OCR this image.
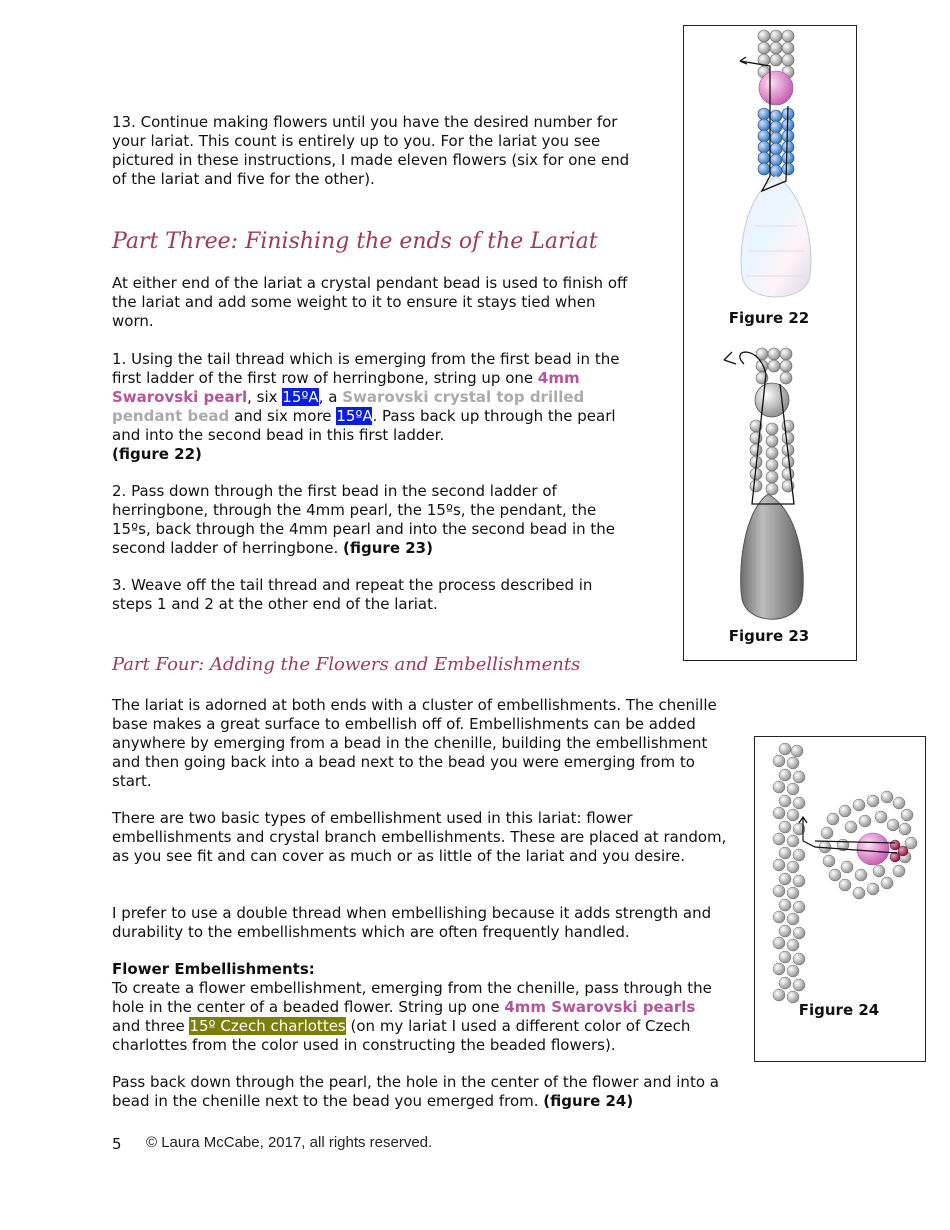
13. Continue making flowers until you have the desired number for your lariat. This count is entirely up to you. For the lariat you see pictured in these instructions, I made eleven flowers (six for one end of the lariat and five for the other).

Part Three: Finishing the ends of the Lariat

At either end of the lariat a crystal pendant bead is used to finish off the lariat and add some weight to it to ensure it stays tied when worn.

1. Using the tail thread which is emerging from the first bead in the first ladder of the first row of herringbone, string up one 4mm Swarovski pearl, six 15ºA, a Swarovski crystal top drilled pendant bead and six more 15ºA. Pass back up through the pearl and into the second bead in this first ladder.
(figure 22)

2. Pass down through the first bead in the second ladder of herringbone, through the 4mm pearl, the 15ºs, the pendant, the 15ºs, back through the 4mm pearl and into the second bead in the second ladder of herringbone. (figure 23)

3. Weave off the tail thread and repeat the process described in steps 1 and 2 at the other end of the lariat.

Part Four: Adding the Flowers and Embellishments

The lariat is adorned at both ends with a cluster of embellishments. The chenille base makes a great surface to embellish off of. Embellishments can be added anywhere by emerging from a bead in the chenille, building the embellishment and then going back into a bead next to the bead you were emerging from to start.

There are two basic types of embellishment used in this lariat: flower embellishments and crystal branch embellishments. These are placed at random, as you see fit and can cover as much or as little of the lariat and you desire.

I prefer to use a double thread when embellishing because it adds strength and durability to the embellishments which are often frequently handled.

Flower Embellishments:
To create a flower embellishment, emerging from the chenille, pass through the hole in the center of a beaded flower. String up one 4mm Swarovski pearls and three 15º Czech charlottes (on my lariat I used a different color of Czech charlottes from the color used in constructing the beaded flowers).

Pass back down through the pearl, the hole in the center of the flower and into a bead in the chenille next to the bead you emerged from. (figure 24)

5 © Laura McCabe, 2017, all rights reserved.
Figure 22
Figure 23
Figure 24
